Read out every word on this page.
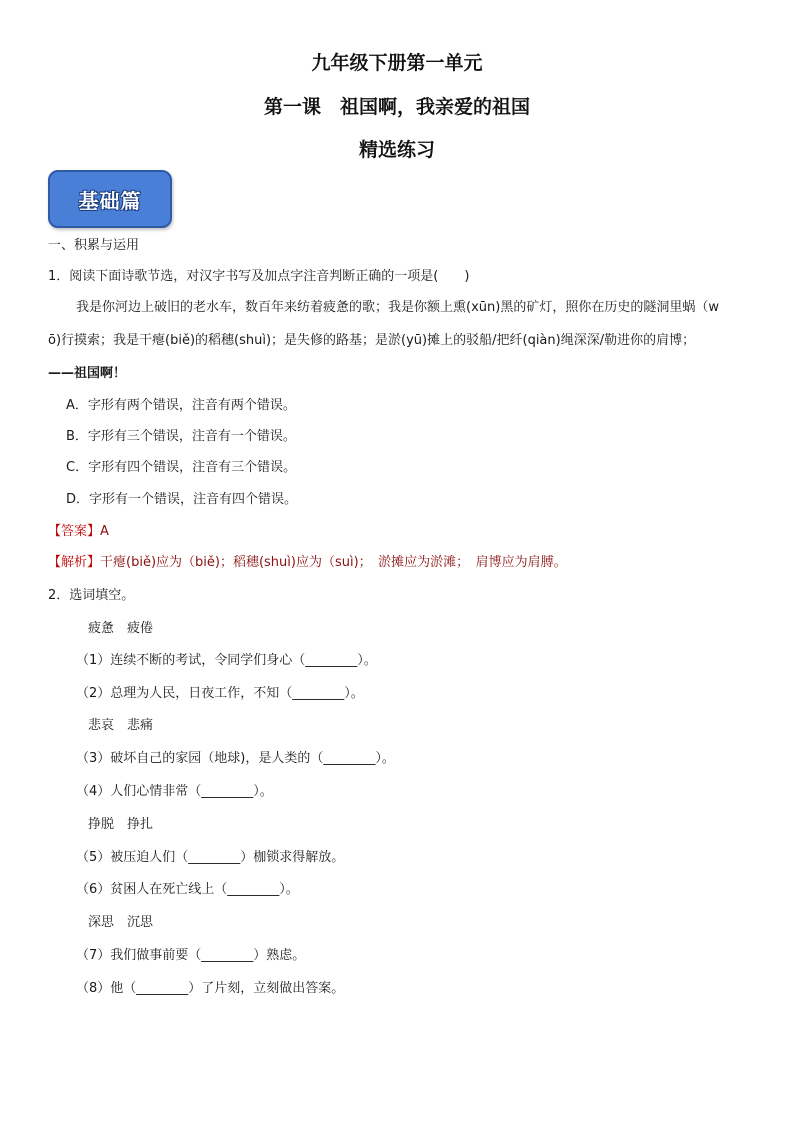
九年级下册第一单元
第一课　祖国啊，我亲爱的祖国
精选练习
基础篇
一、积累与运用
1．阅读下面诗歌节选，对汉字书写及加点字注音判断正确的一项是(　　)
我是你河边上破旧的老水车，数百年来纺着疲惫的歌；我是你额上熏(xūn)黑的矿灯，照你在历史的隧洞里蜗（w
ō)行摸索；我是干瘪(biě)的稻穗(shuì)；是失修的路基；是淤(yū)摊上的驳船/把纤(qiàn)绳深深/勒进你的肩博；
——祖国啊！
A．字形有两个错误，注音有两个错误。
B．字形有三个错误，注音有一个错误。
C．字形有四个错误，注音有三个错误。
D．字形有一个错误，注音有四个错误。
【答案】A
【解析】干瘪(biě)应为（biě)；稻穗(shuì)应为（suì)；　淤摊应为淤滩；　肩博应为肩膊。
2．选词填空。
疲惫　疲倦
（1）连续不断的考试，令同学们身心（________）。
（2）总理为人民，日夜工作，不知（________）。
悲哀　悲痛
（3）破坏自己的家园（地球)，是人类的（________）。
（4）人们心情非常（________）。
挣脱　挣扎
（5）被压迫人们（________）枷锁求得解放。
（6）贫困人在死亡线上（________）。
深思　沉思
（7）我们做事前要（________）熟虑。
（8）他（________）了片刻，立刻做出答案。
